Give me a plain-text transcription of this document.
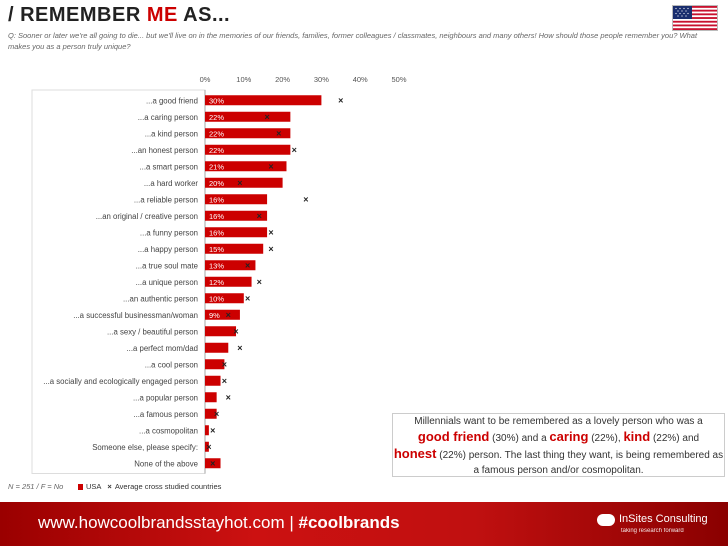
/ REMEMBER ME AS...
Q: Sooner or later we're all going to die... but we'll live on in the memories of our friends, families, former colleagues / classmates, neighbours and many others! How should those people remember you? What makes you as a person truly unique?
0%	10%	20%	30%	40%	50%
...a good friend 30%	×
...a caring person 22%	×
...a kind person 22%	×
...an honest person 22%	×
...a smart person 21%	×
...a hard worker 20% ×
...a reliable person 16%	×
...an original / creative person 16%	×
...a funny person 16%	×
...a happy person 15%	×
...a true soul mate 13% ×
...a unique person 12%	×
...an authentic person 10% ×
...a successful businessman/woman 9% ×
...a sexy / beautiful person	×
...a perfect mom/dad	×
...a cool person	×
...a socially and ecologically engaged person	×
...a popular person	×
...a famous person ×
...a cosmopolitan ×
Someone else, please specify: ×
None of the above ×
Millennials want to be remembered as a lovely person who was a
good friend (30%) and a caring (22%), kind (22%) and
honest (22%) person. The last thing they want, is being remembered as a famous person and/or cosmopolitan.
N = 251 / F = No	USA × Average cross studied countries
www.howcoolbrandsstayhot.com | #coolbrands	InSites Consulting
taking research forward
